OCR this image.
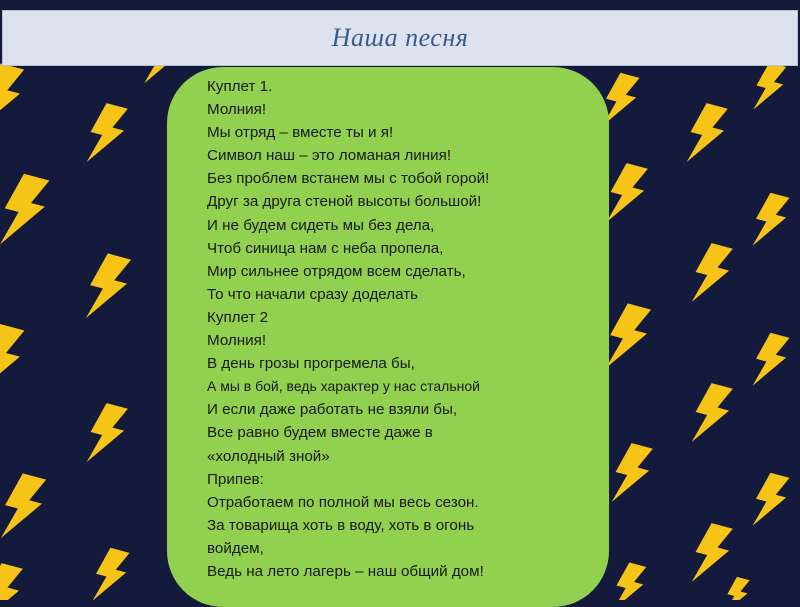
Наша песня
Куплет 1.
Молния!
Мы отряд – вместе ты и я!
Символ наш – это ломаная линия!
Без проблем встанем мы с тобой горой!
Друг за друга стеной высоты большой!
И не будем сидеть мы без дела,
Чтоб синица нам с неба пропела,
Мир сильнее отрядом всем сделать,
То что начали сразу доделать
Куплет 2
Молния!
В день грозы прогремела бы,
А мы в бой, ведь характер у нас стальной
И если даже работать не взяли бы,
Все равно будем вместе даже в
«холодный зной»
Припев:
Отработаем по полной мы весь сезон.
За товарища хоть в воду, хоть в огонь
войдем,
Ведь на лето лагерь – наш общий дом!
